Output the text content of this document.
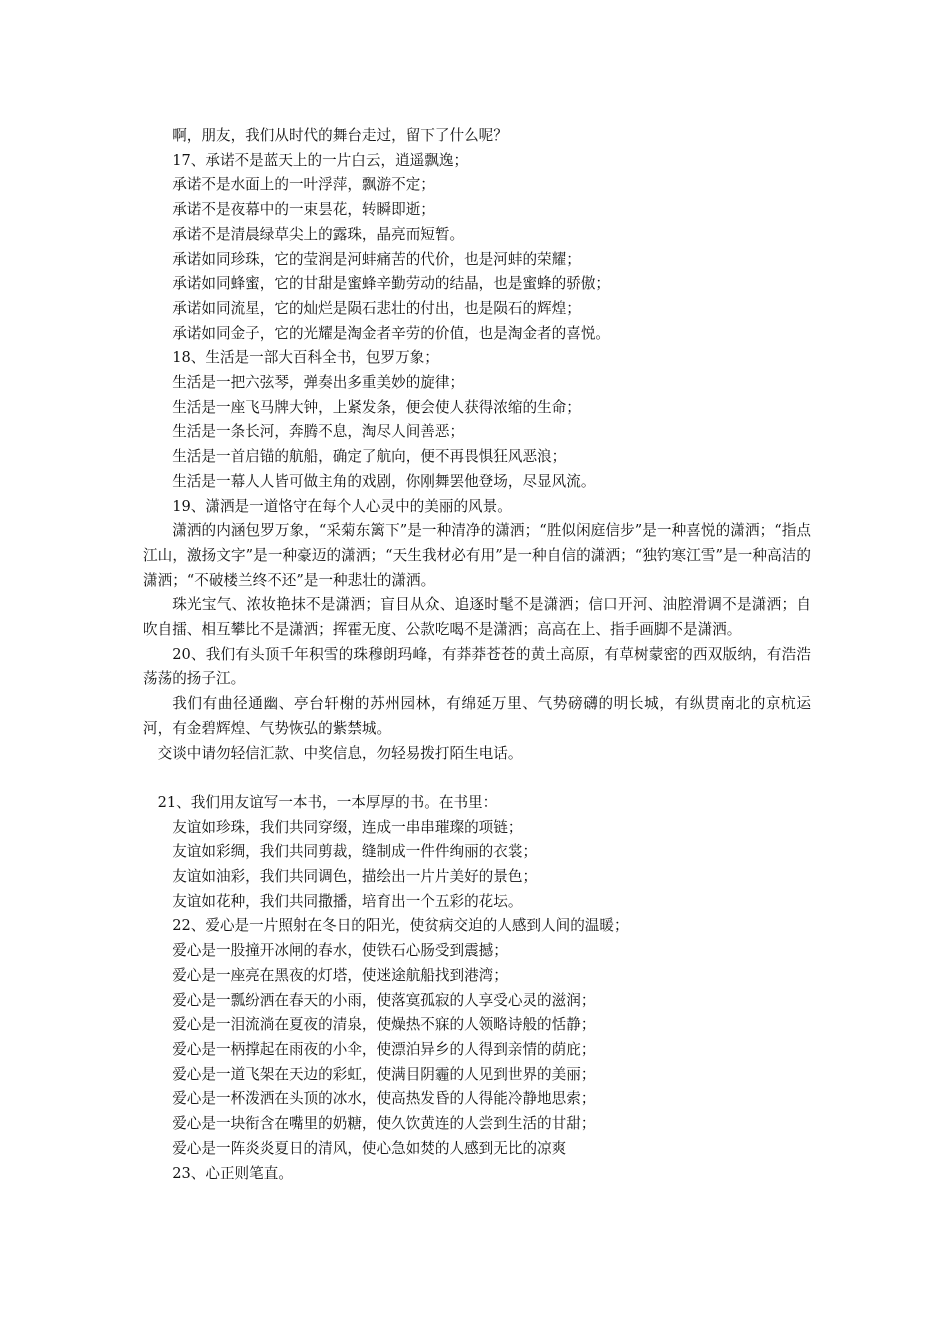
啊，朋友，我们从时代的舞台走过，留下了什么呢？

17、承诺不是蓝天上的一片白云，逍遥飘逸；

承诺不是水面上的一叶浮萍，飘游不定；

承诺不是夜幕中的一束昙花，转瞬即逝；

承诺不是清晨绿草尖上的露珠，晶亮而短暂。

承诺如同珍珠，它的莹润是河蚌痛苦的代价，也是河蚌的荣耀；

承诺如同蜂蜜，它的甘甜是蜜蜂辛勤劳动的结晶，也是蜜蜂的骄傲；

承诺如同流星，它的灿烂是陨石悲壮的付出，也是陨石的辉煌；

承诺如同金子，它的光耀是淘金者辛劳的价值，也是淘金者的喜悦。

18、生活是一部大百科全书，包罗万象；

生活是一把六弦琴，弹奏出多重美妙的旋律；

生活是一座飞马牌大钟，上紧发条，便会使人获得浓缩的生命；

生活是一条长河，奔腾不息，淘尽人间善恶；

生活是一首启锚的航船，确定了航向，便不再畏惧狂风恶浪；

生活是一幕人人皆可做主角的戏剧，你刚舞罢他登场，尽显风流。

19、潇洒是一道恪守在每个人心灵中的美丽的风景。

潇洒的内涵包罗万象，“采菊东篱下”是一种清净的潇洒；“胜似闲庭信步”是一种喜悦的潇洒；“指点江山，激扬文字”是一种豪迈的潇洒；“天生我材必有用”是一种自信的潇洒；“独钓寒江雪”是一种高洁的潇洒；“不破楼兰终不还”是一种悲壮的潇洒。

珠光宝气、浓妆艳抹不是潇洒；盲目从众、追逐时髦不是潇洒；信口开河、油腔滑调不是潇洒；自吹自擂、相互攀比不是潇洒；挥霍无度、公款吃喝不是潇洒；高高在上、指手画脚不是潇洒。

20、我们有头顶千年积雪的珠穆朗玛峰，有莽莽苍苍的黄土高原，有草树蒙密的西双版纳，有浩浩荡荡的扬子江。

我们有曲径通幽、亭台轩榭的苏州园林，有绵延万里、气势磅礴的明长城，有纵贯南北的京杭运河，有金碧辉煌、气势恢弘的紫禁城。

交谈中请勿轻信汇款、中奖信息，勿轻易拨打陌生电话。

21、我们用友谊写一本书，一本厚厚的书。在书里：

友谊如珍珠，我们共同穿缀，连成一串串璀璨的项链；

友谊如彩绸，我们共同剪裁，缝制成一件件绚丽的衣裳；

友谊如油彩，我们共同调色，描绘出一片片美好的景色；

友谊如花种，我们共同撒播，培育出一个五彩的花坛。

22、爱心是一片照射在冬日的阳光，使贫病交迫的人感到人间的温暖；

爱心是一股撞开冰闸的春水，使铁石心肠受到震撼；

爱心是一座亮在黑夜的灯塔，使迷途航船找到港湾；

爱心是一瓢纷洒在春天的小雨，使落寞孤寂的人享受心灵的滋润；

爱心是一泪流淌在夏夜的清泉，使燥热不寐的人领略诗般的恬静；

爱心是一柄撑起在雨夜的小伞，使漂泊异乡的人得到亲情的荫庇；

爱心是一道飞架在天边的彩虹，使满目阴霾的人见到世界的美丽；

爱心是一杯泼洒在头顶的冰水，使高热发昏的人得能冷静地思索；

爱心是一块衔含在嘴里的奶糖，使久饮黄连的人尝到生活的甘甜；

爱心是一阵炎炎夏日的清风，使心急如焚的人感到无比的凉爽

23、心正则笔直。
